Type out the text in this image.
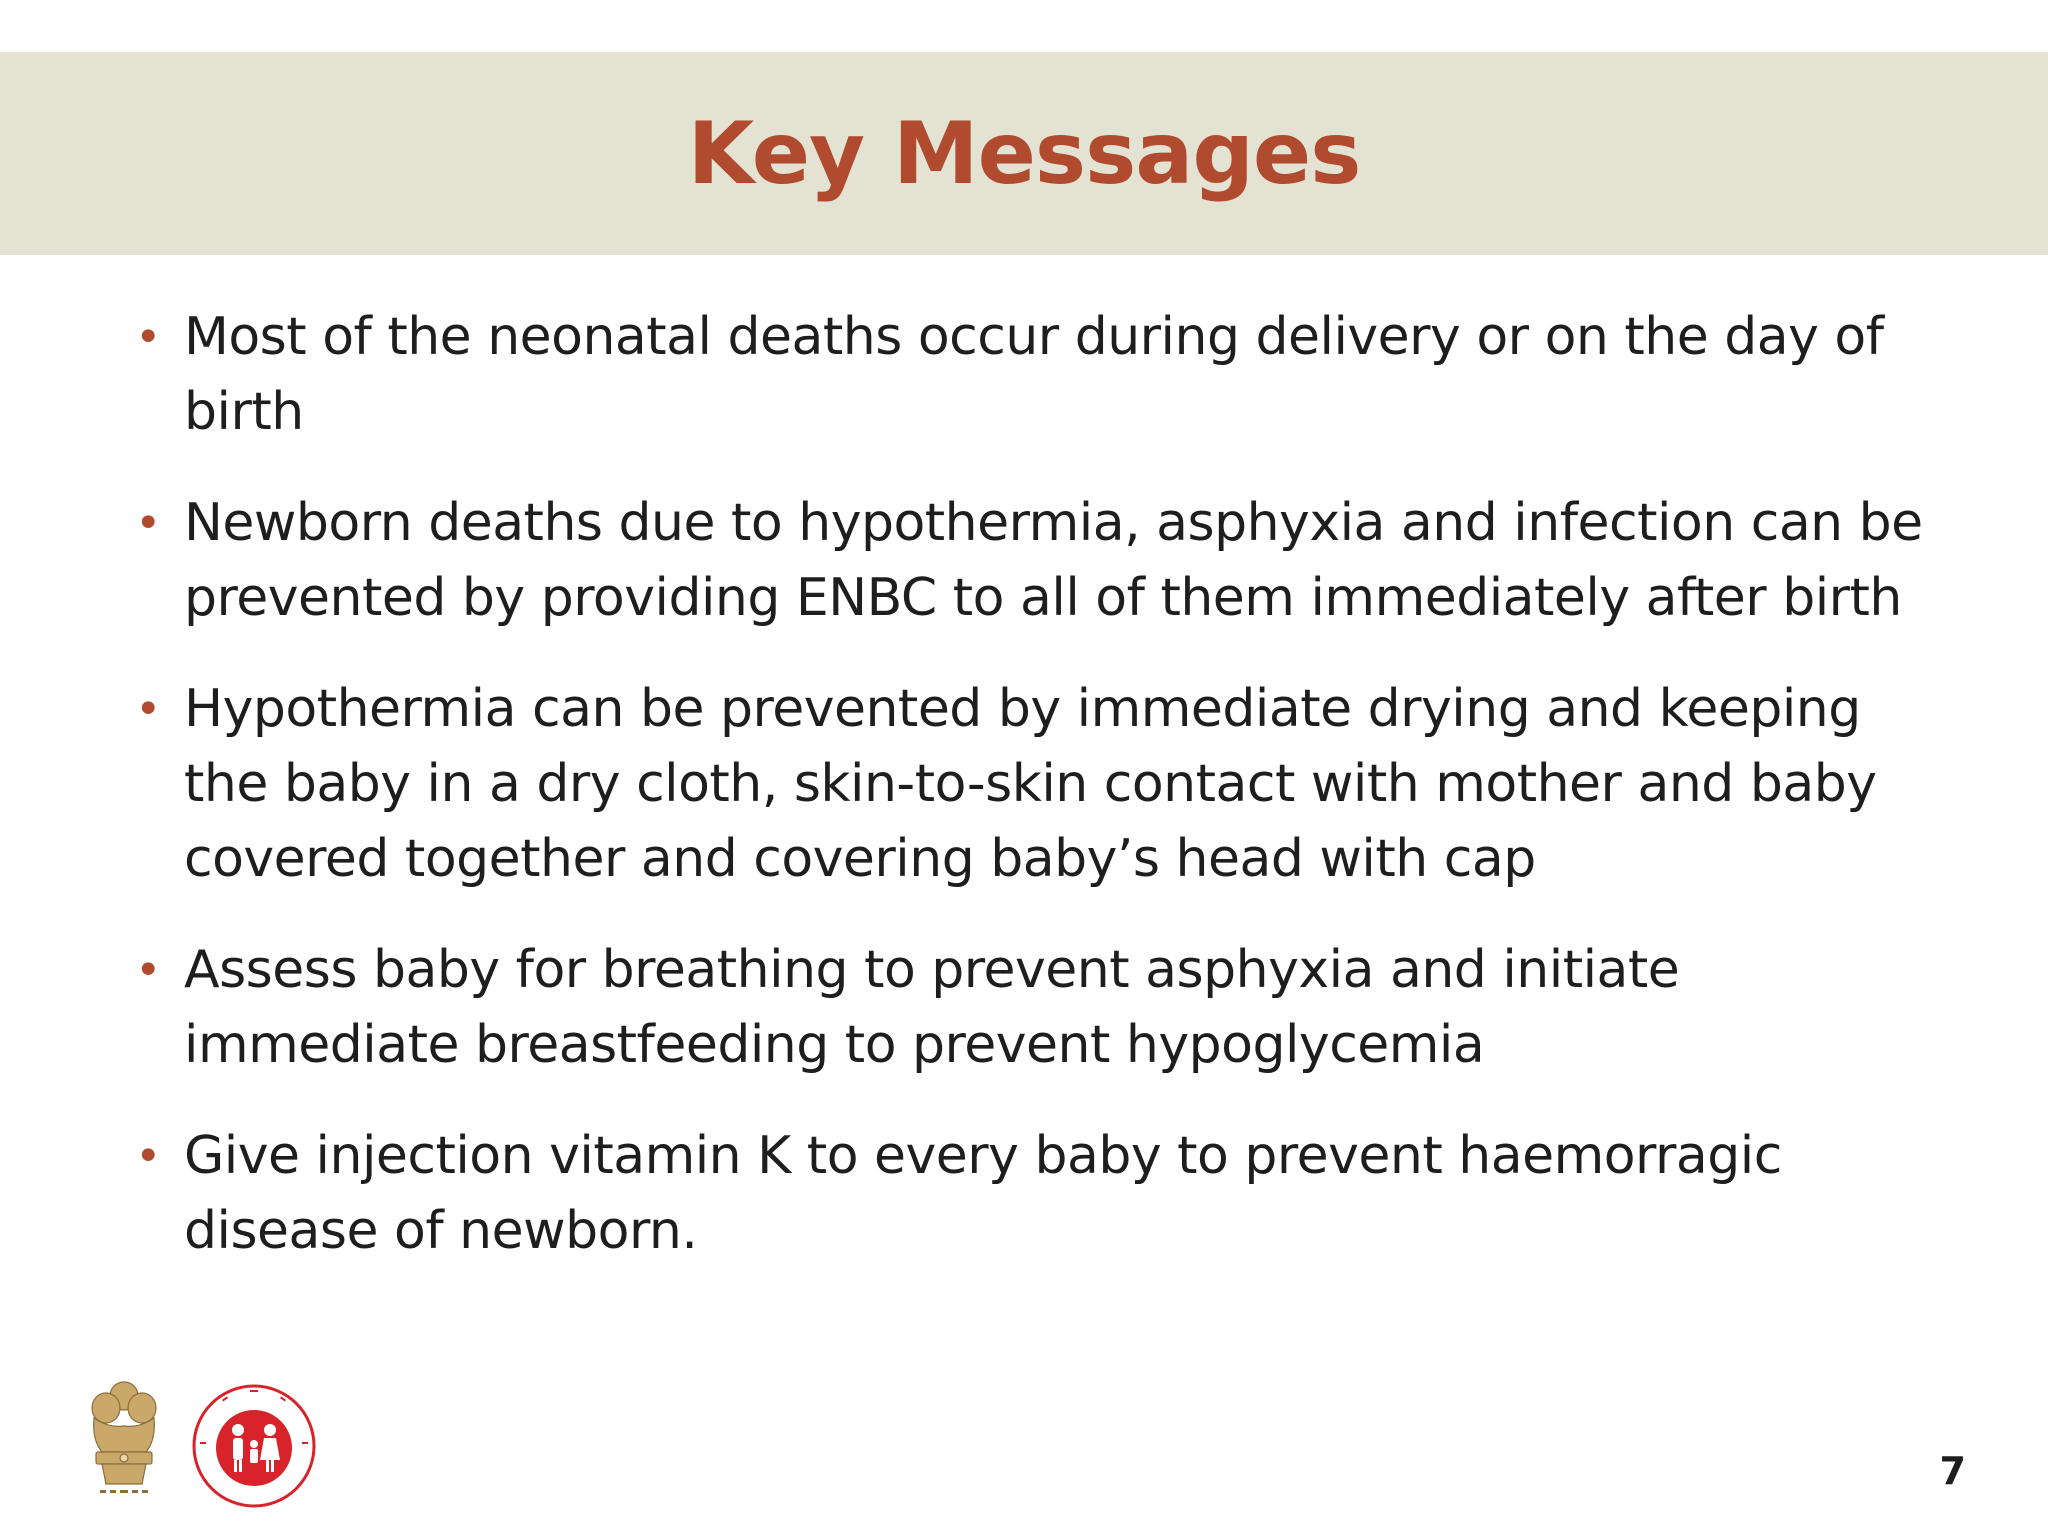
Key Messages
• Most of the neonatal deaths occur during delivery or on the day of birth
• Newborn deaths due to hypothermia, asphyxia and infection can be prevented by providing ENBC to all of them immediately after birth
• Hypothermia can be prevented by immediate drying and keeping the baby in a dry cloth, skin-to-skin contact with mother and baby covered together and covering baby’s head with cap
• Assess baby for breathing to prevent asphyxia and initiate immediate breastfeeding to prevent hypoglycemia
• Give injection vitamin K to every baby to prevent haemorragic disease of newborn.
7
